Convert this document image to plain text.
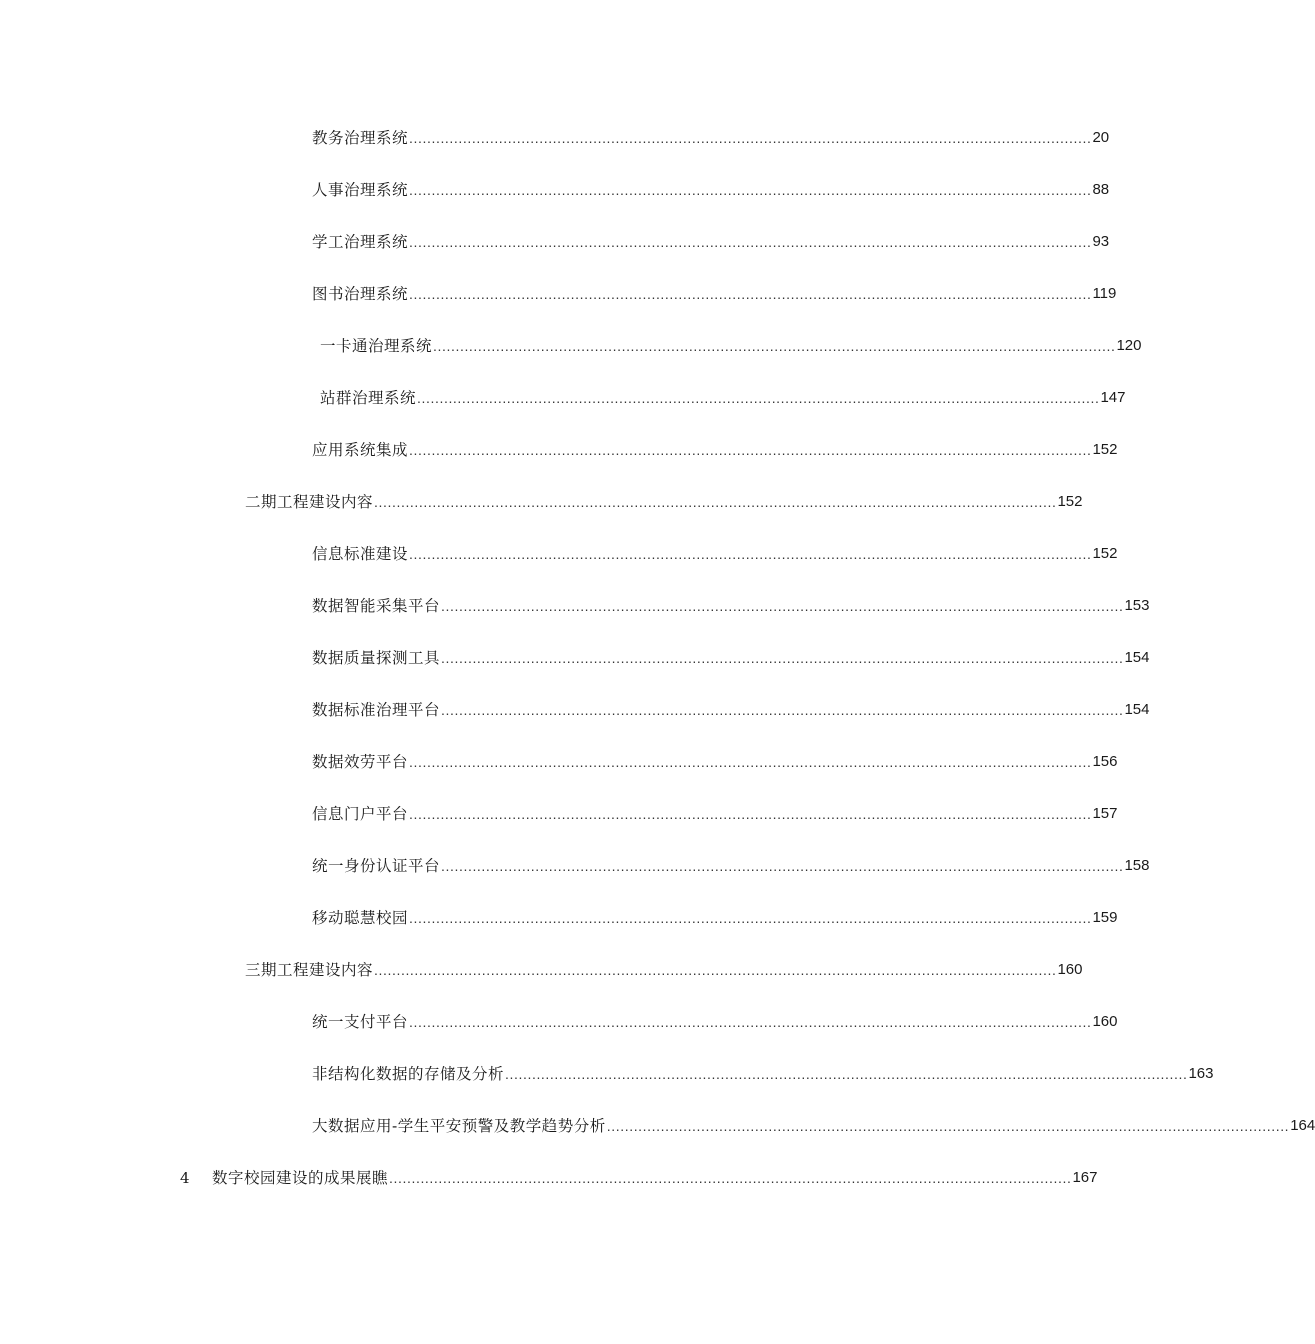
教务治理系统 ........................................................................................................................................................ 20
人事治理系统 ........................................................................................................................................................ 88
学工治理系统 ........................................................................................................................................................ 93
图书治理系统 ........................................................................................................................................................ 119
一卡通治理系统 ........................................................................................................................................................ 120
站群治理系统 ........................................................................................................................................................ 147
应用系统集成 ........................................................................................................................................................ 152
二期工程建设内容 ........................................................................................................................................................ 152
信息标准建设 ........................................................................................................................................................ 152
数据智能采集平台 ........................................................................................................................................................ 153
数据质量探测工具 ........................................................................................................................................................ 154
数据标准治理平台 ........................................................................................................................................................ 154
数据效劳平台 ........................................................................................................................................................ 156
信息门户平台 ........................................................................................................................................................ 157
统一身份认证平台 ........................................................................................................................................................ 158
移动聪慧校园 ........................................................................................................................................................ 159
三期工程建设内容 ........................................................................................................................................................ 160
统一支付平台 ........................................................................................................................................................ 160
非结构化数据的存储及分析 ........................................................................................................................................................ 163
大数据应用-学生平安预警及教学趋势分析 ........................................................................................................................................................ 164
4	数字校园建设的成果展瞧 ........................................................................................................................................................ 167
